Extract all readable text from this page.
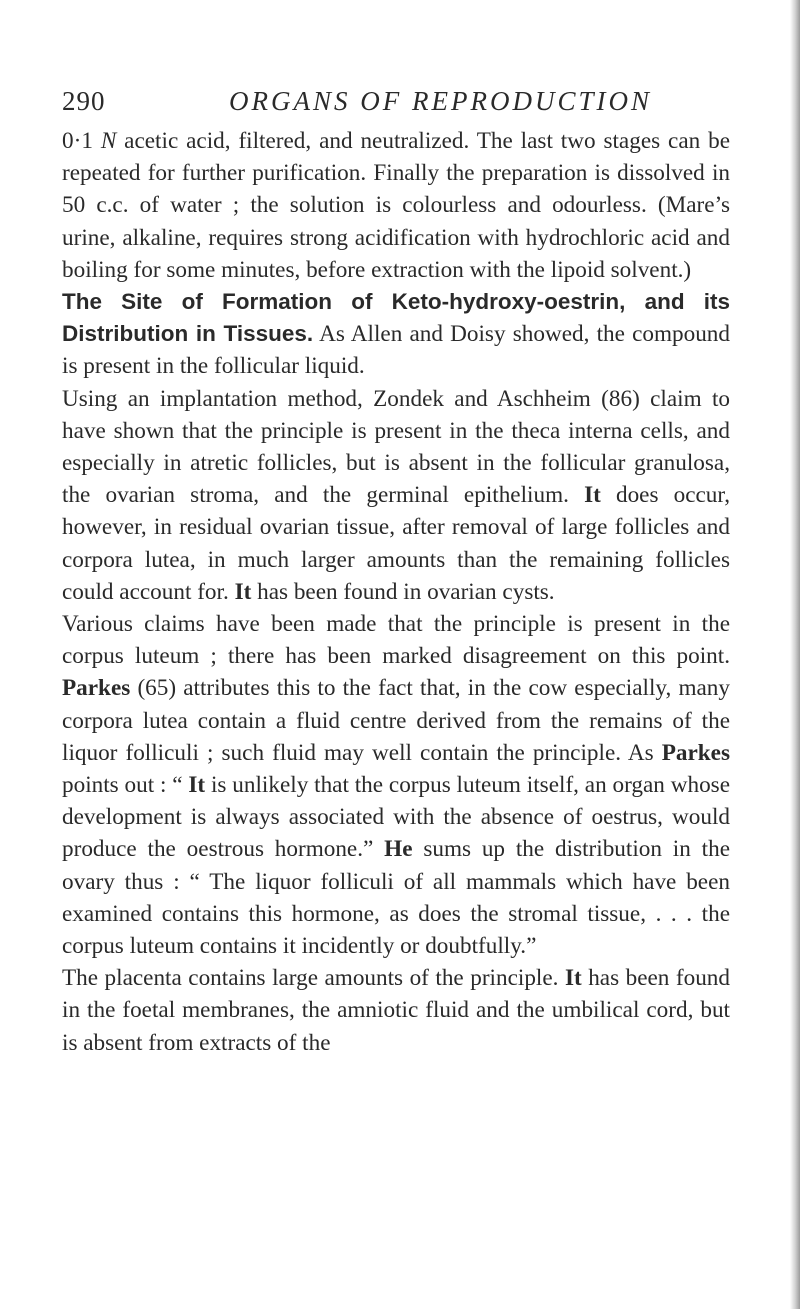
290	ORGANS OF REPRODUCTION

0·1 N acetic acid, filtered, and neutralized. The last two stages can be repeated for further purification. Finally the preparation is dissolved in 50 c.c. of water ; the solution is colourless and odourless. (Mare’s urine, alkaline, requires strong acidification with hydrochloric acid and boiling for some minutes, before extraction with the lipoid solvent.)

The Site of Formation of Keto-hydroxy-oestrin, and its Distribution in Tissues. As Allen and Doisy showed, the compound is present in the follicular liquid.

Using an implantation method, Zondek and Aschheim (86) claim to have shown that the principle is present in the theca interna cells, and especially in atretic follicles, but is absent in the follicular granulosa, the ovarian stroma, and the germinal epithelium. It does occur, however, in residual ovarian tissue, after removal of large follicles and corpora lutea, in much larger amounts than the remaining follicles could account for. It has been found in ovarian cysts.

Various claims have been made that the principle is present in the corpus luteum ; there has been marked disagreement on this point. Parkes (65) attributes this to the fact that, in the cow especially, many corpora lutea contain a fluid centre derived from the remains of the liquor folliculi ; such fluid may well contain the principle. As Parkes points out : “ It is unlikely that the corpus luteum itself, an organ whose development is always associated with the absence of oestrus, would produce the oestrous hormone.” He sums up the distribution in the ovary thus : “ The liquor folliculi of all mammals which have been examined contains this hormone, as does the stromal tissue, . . . the corpus luteum contains it incidently or doubtfully.”

The placenta contains large amounts of the principle. It has been found in the foetal membranes, the amniotic fluid and the umbilical cord, but is absent from extracts of the
